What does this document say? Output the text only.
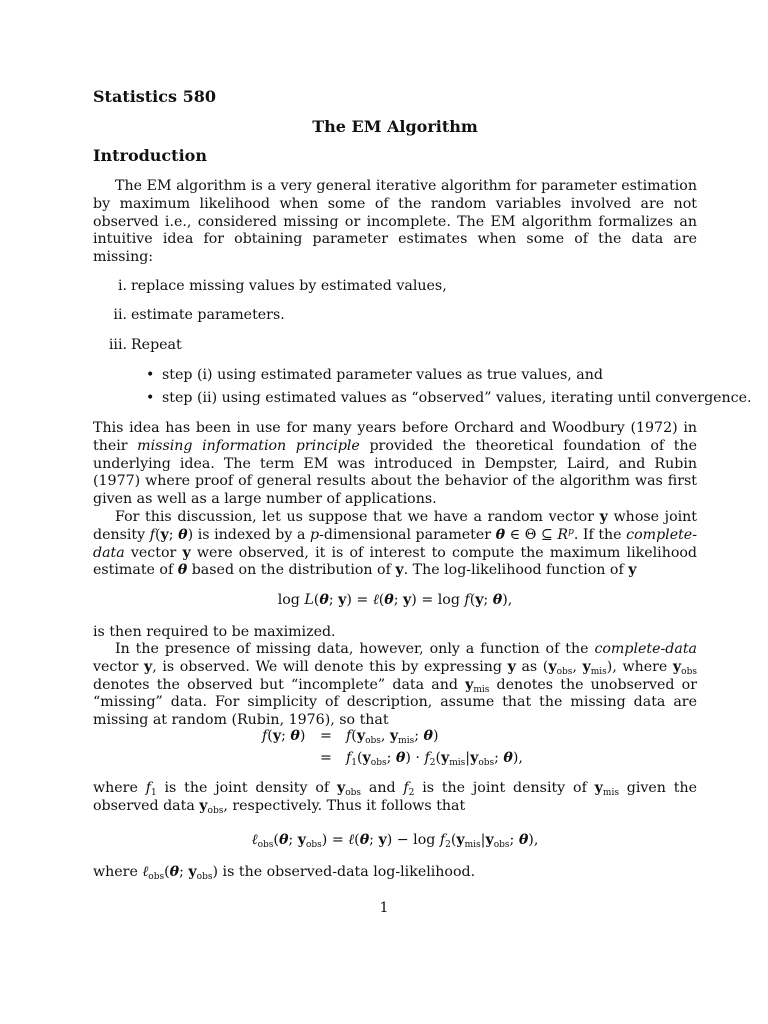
Statistics 580
The EM Algorithm
Introduction

The EM algorithm is a very general iterative algorithm for parameter estimation by maximum likelihood when some of the random variables involved are not observed i.e., considered missing or incomplete. The EM algorithm formalizes an intuitive idea for obtaining parameter estimates when some of the data are missing:

i. replace missing values by estimated values,
ii. estimate parameters.
iii. Repeat
• step (i) using estimated parameter values as true values, and
• step (ii) using estimated values as “observed” values, iterating until convergence.

This idea has been in use for many years before Orchard and Woodbury (1972) in their missing information principle provided the theoretical foundation of the underlying idea. The term EM was introduced in Dempster, Laird, and Rubin (1977) where proof of general results about the behavior of the algorithm was first given as well as a large number of applications.

For this discussion, let us suppose that we have a random vector y whose joint density f(y; θ) is indexed by a p-dimensional parameter θ ∈ Θ ⊆ $R^p$. If the complete-data vector y were observed, it is of interest to compute the maximum likelihood estimate of θ based on the distribution of y. The log-likelihood function of y

log L(θ; y) = ℓ(θ; y) = log f(y; θ),

is then required to be maximized.

In the presence of missing data, however, only a function of the complete-data vector y, is observed. We will denote this by expressing y as ($y_{obs}$, $y_{mis}$), where $y_{obs}$ denotes the observed but “incomplete” data and $y_{mis}$ denotes the unobserved or “missing” data. For simplicity of description, assume that the missing data are missing at random (Rubin, 1976), so that

f(y; $\theta) = f(y_{obs}$, $y_{mis}$; θ)
= $f_1(y_{obs}$; $\theta) \cdot f_2(y_{mis}|y_{obs}$; θ),

where $f_1$ is the joint density of $y_{obs}$ and $f_2$ is the joint density of $y_{mis}$ given the observed data $y_{obs}$, respectively. Thus it follows that

ℓ$_{obs}$(θ; $y_{obs}$) = ℓ(θ; $y) - \log f_2(y_{mis}|y_{obs}$; θ),

where ℓ$_{obs}$(θ; $y_{obs}$) is the observed-data log-likelihood.

1
